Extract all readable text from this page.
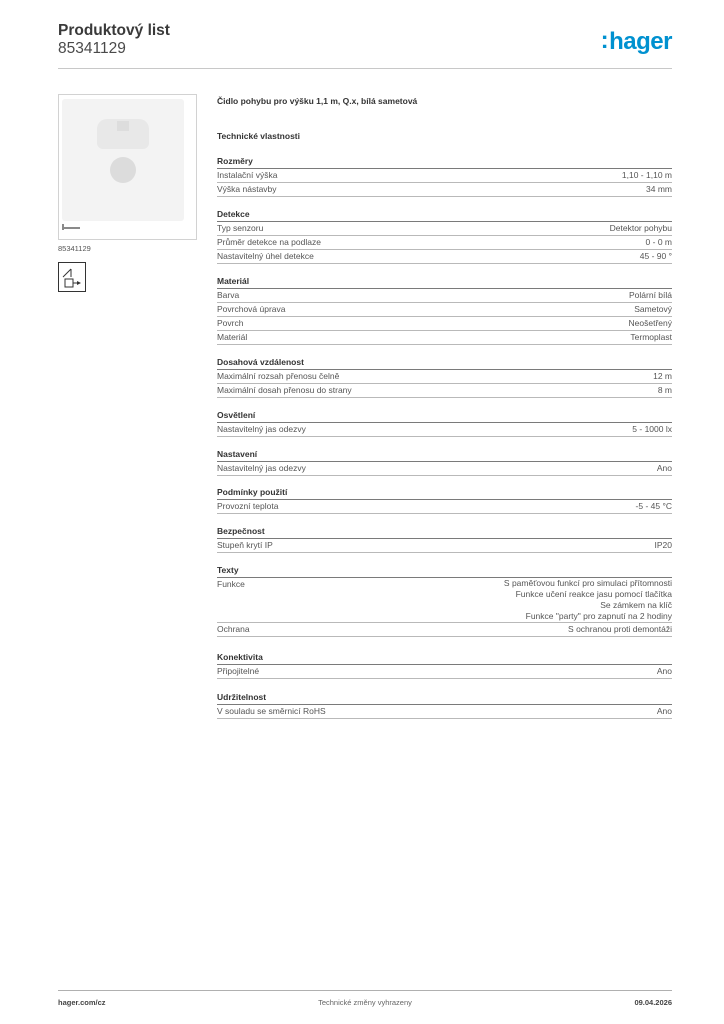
Produktový list
85341129	:hager
85341129
Čidlo pohybu pro výšku 1,1 m, Q.x, bílá sametová
Technické vlastnosti
Rozměry
Instalační výška	1,10 - 1,10 m
Výška nástavby	34 mm
Detekce
Typ senzoru	Detektor pohybu
Průměr detekce na podlaze	0 - 0 m
Nastavitelný úhel detekce	45 - 90 °
Materiál
Barva	Polární bílá
Povrchová úprava	Sametový
Povrch	Neošetřený
Materiál	Termoplast
Dosahová vzdálenost
Maximální rozsah přenosu čelně	12 m
Maximální dosah přenosu do strany	8 m
Osvětlení
Nastavitelný jas odezvy	5 - 1000 lx
Nastavení
Nastavitelný jas odezvy	Ano
Podmínky použití
Provozní teplota	-5 - 45 °C
Bezpečnost
Stupeň krytí IP	IP20
Texty
Funkce	S paměťovou funkcí pro simulaci přítomnosti
Funkce učení reakce jasu pomocí tlačítka
Se zámkem na klíč
Funkce "party" pro zapnutí na 2 hodiny
Ochrana	S ochranou proti demontáži
Konektivita
Připojitelné	Ano
Udržitelnost
V souladu se směrnicí RoHS	Ano
hager.com/cz	Technické změny vyhrazeny	09.04.2026
